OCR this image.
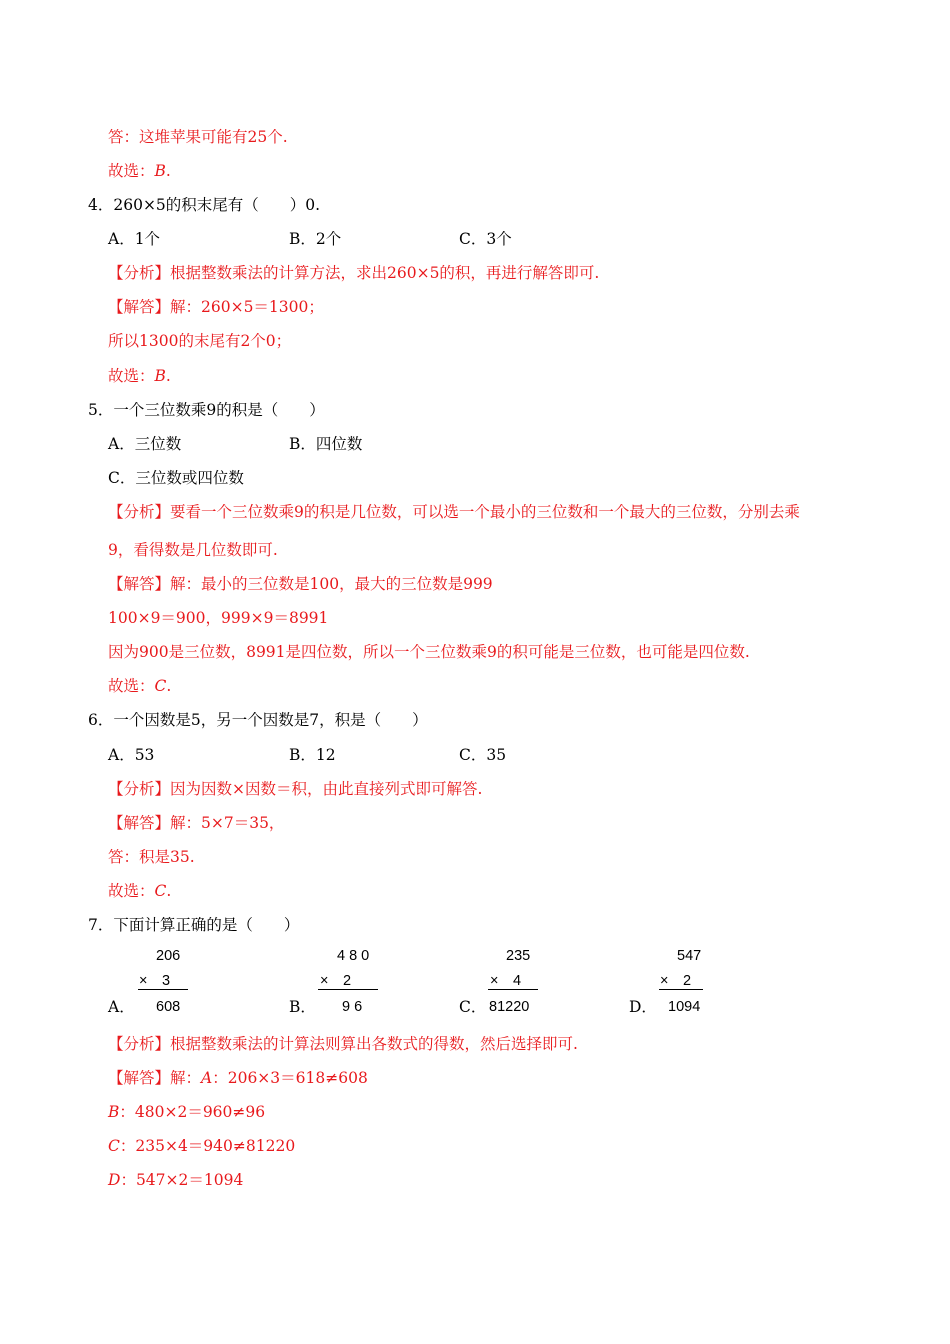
答：这堆苹果可能有25个.
故选：B.
4．260×5的积末尾有（　　）0.
A．1个	B．2个	C．3个
【分析】根据整数乘法的计算方法，求出260×5的积，再进行解答即可.
【解答】解：260×5＝1300；
所以1300的末尾有2个0；
故选：B.
5．一个三位数乘9的积是（　　）
A．三位数	B．四位数
C．三位数或四位数
【分析】要看一个三位数乘9的积是几位数，可以选一个最小的三位数和一个最大的三位数，分别去乘
9，看得数是几位数即可.
【解答】解：最小的三位数是100，最大的三位数是999
100×9＝900，999×9＝8991
因为900是三位数，8991是四位数，所以一个三位数乘9的积可能是三位数，也可能是四位数.
故选：C.
6．一个因数是5，另一个因数是7，积是（　　）
A．53	B．12	C．35
【分析】因为因数×因数＝积，由此直接列式即可解答.
【解答】解：5×7＝35，
答：积是35.
故选：C.
7．下面计算正确的是（　　）
A．
206
×　3
608	B．
4 8 0
×　2
9 6	C．
235
×　4
81220	D．
547
×　2
1094
【分析】根据整数乘法的计算法则算出各数式的得数，然后选择即可.
【解答】解：A：206×3＝618≠608
B：480×2＝960≠96
C：235×4＝940≠81220
D：547×2＝1094
